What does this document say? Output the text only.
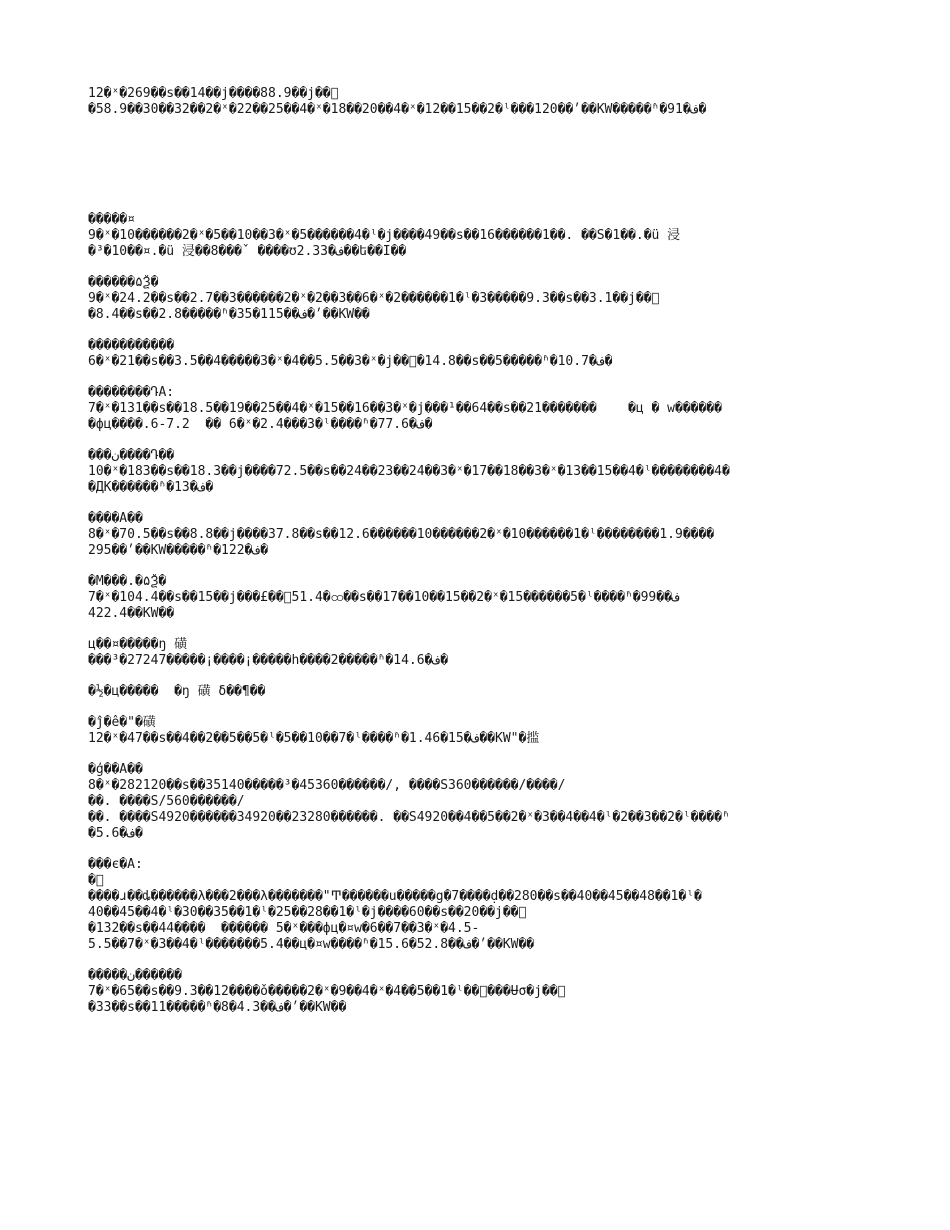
12�ˣ�269��s��14��j����88.9��j��ͣ
�58.9��30��32��2�ˣ�22��25��4�ˣ�18��20��4�ˣ�12��15��2�ˡ���120��׳��KW�����ʱ�91�ف�
�����¤
9�ˣ�10������2�ˣ�5��10��3�ˣ�5������4�ˡ�j����49��s��16������1��. ��S�1��.�ü 浸
�³�10��¤.�ü 浸��8���ˇ ����ʊ2.33�ف��ե��Ï��
������۵Ѯ�
9�ˣ�24.2��s��2.7��3������2�ˣ�2��3��6�ˣ�2������1�ˡ�3�����9.3��s��3.1��j��ͣ
�8.4��s��2.8�����ʱ�35�115��׳�ف��KW��
�����������
6�ˣ�21��s��3.5��4�����3�ˣ�4��5.5��3�ˣ�j��ͣ�14.8��s��5�����ʱ�10.7�ف�
��������ԴA:
7�ˣ�131��s��18.5��19��25��4�ˣ�15��16��3�ˣ�j���¹��64��s��21�������    �ц � w������
�фц����.6-7.2  �� 6�ˣ�2.4���3�ˡ����ʱ�77.6�ف�
���ن����Դ��
10�ˣ�183��s��18.3��j����72.5��s��24��23��24��3�ˣ�17��18��3�ˣ�13��15��4�ˡ��������4�
�ДК������ʱ�13�ف�
����A��
8�ˣ�70.5��s��8.8��j����37.8��s��12.6������10������2�ˣ�10������1�ˡ��������1.9����
295��׳��KW�����ʱ�122�ف�
�M���.�۵Ѯ�
7�ˣ�104.4��s��15��j���£��ͣ51.4�ထ��s��17��10��15��2�ˣ�15������5�ˡ����ʱ�99��ف
422.4��KW��
ц��¤�����ŋ 磺
���³�27247�����¡����¡�����h����2�����ʱ�14.6�ف�
�½�ц�����  �ŋ 磺 δ��¶��
�ĵ�ê�"�磺
12�ˣ�47��s��4��2��5��5�ˡ�5��10��7�ˡ����ʱ�1.46�15�ف��KW"�㨫
�ģ��A��
8�ˣ�282120��s��35140�����³�45360������/, ����S360������/����/
��. ����S/560������/
��. ����S4920������34920��23280������. ��S4920��4��5��2�ˣ�3��4��4�ˡ�2��3��2�ˡ����ʱ
�5.6�ف�
���є�A:
�ͣ
����ɹ��ȡ������λ���2���λ�������"Ͳ������u�����g�7����ḍ��280��s��40��45��48��1�ˡ�
40��45��4�ˡ�30��35��1�ˡ�25��28��1�ˡ�j����60��s��20��j��ͣ
�132��s��44����  ������ 5�ˣ���фц�¤w�6��7��3�ˣ�4.5-
5.5��7�ˣ�3��4�ˡ�������5.4��ц�¤w����ʱ�15.6�52.8��׳�ف��KW��
�����ن������
7�ˣ�65��s��9.3��12����ǒ�����2�ˣ�9��4�ˣ�4��5��1�ˡ��ͣ���Ʉσ�j��ͣ
�33��s��11�����ʱ�8�4.3��׳�ف��KW��
